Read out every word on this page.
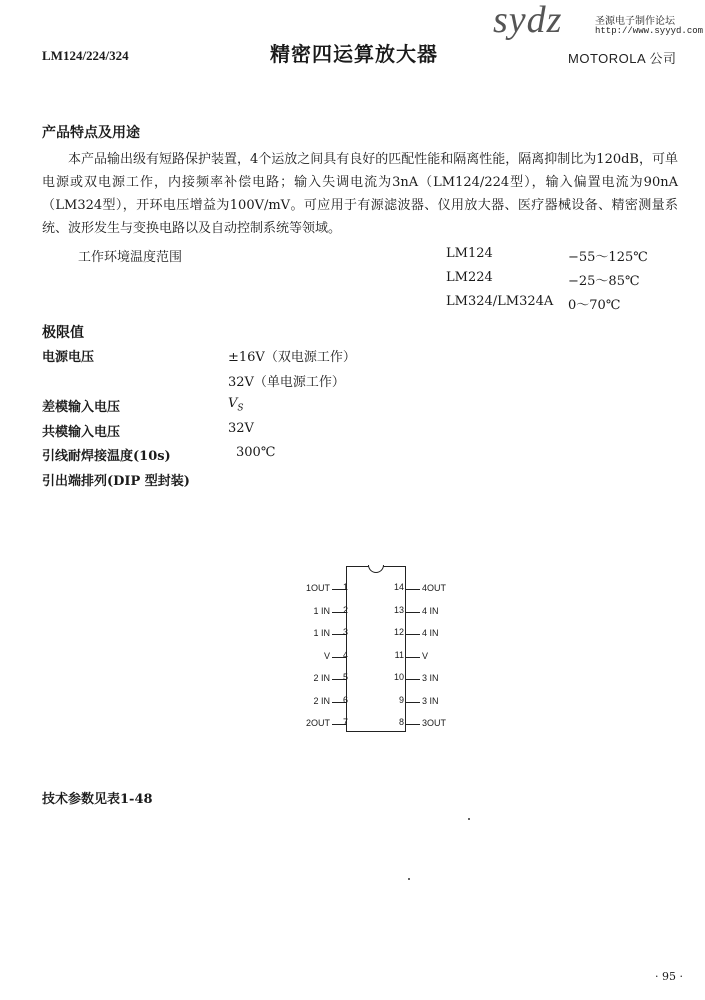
LM124/224/324	精密四运算放大器
sydz	圣源电子制作论坛
http://www.syyyd.com
MOTOROLA 公司
产品特点及用途
本产品输出级有短路保护装置，4个运放之间具有良好的匹配性能和隔离性能，隔离抑制比为120dB，可单电源或双电源工作，内接频率补偿电路；输入失调电流为3nA（LM124/224型），输入偏置电流为90nA（LM324型），开环电压增益为100V/mV。可应用于有源滤波器、仪用放大器、医疗器械设备、精密测量系统、波形发生与变换电路以及自动控制系统等领域。
工作环境温度范围	LM124	−55～125℃
LM224	−25～85℃
LM324/LM324A 0～70℃
极限值
电源电压	±16V（双电源工作）
32V（单电源工作）
差模输入电压	$V_S$
共模输入电压	32V
引线耐焊接温度(10s)	300℃
引出端排列(DIP 型封装)
1
1OUT
2
1 IN
3
1 IN
4
V
5
2 IN
6
2 IN
7
2OUT
14 4OUT
13 4 IN
12 4 IN
11 V
10 3 IN
9 3 IN
8 3OUT
技术参数见表1-48
· 95 ·
